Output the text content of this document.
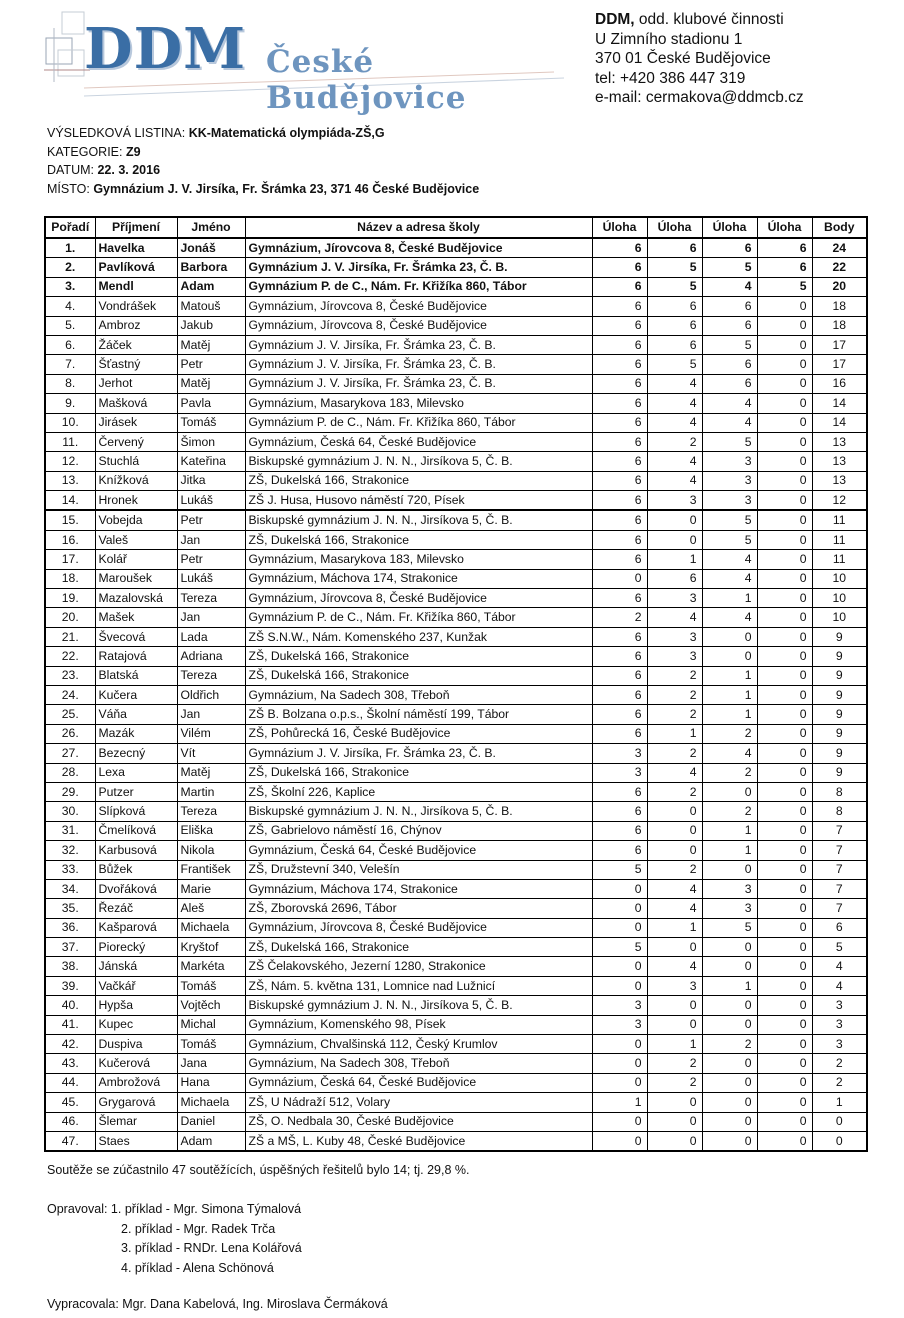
DDM České Budějovice
DDM, odd. klubové činnosti
U Zimního stadionu 1
370 01 České Budějovice
tel: +420 386 447 319
e-mail: cermakova@ddmcb.cz
VÝSLEDKOVÁ LISTINA: KK-Matematická olympiáda-ZŠ,G
KATEGORIE: Z9
DATUM: 22. 3. 2016
MÍSTO: Gymnázium J. V. Jirsíka, Fr. Šrámka 23, 371 46 České Budějovice
Pořadí	Příjmení	Jméno	Název a adresa školy	Úloha	Úloha	Úloha	Úloha	Body
1.	Havelka	Jonáš	Gymnázium, Jírovcova 8, České Budějovice	6	6	6	6	24
2.	Pavlíková	Barbora	Gymnázium J. V. Jirsíka, Fr. Šrámka 23, Č. B.	6	5	5	6	22
3.	Mendl	Adam	Gymnázium P. de C., Nám. Fr. Křižíka 860, Tábor	6	5	4	5	20
4.	Vondrášek	Matouš	Gymnázium, Jírovcova 8, České Budějovice	6	6	6	0	18
5.	Ambroz	Jakub	Gymnázium, Jírovcova 8, České Budějovice	6	6	6	0	18
6.	Žáček	Matěj	Gymnázium J. V. Jirsíka, Fr. Šrámka 23, Č. B.	6	6	5	0	17
7.	Šťastný	Petr	Gymnázium J. V. Jirsíka, Fr. Šrámka 23, Č. B.	6	5	6	0	17
8.	Jerhot	Matěj	Gymnázium J. V. Jirsíka, Fr. Šrámka 23, Č. B.	6	4	6	0	16
9.	Mašková	Pavla	Gymnázium, Masarykova 183, Milevsko	6	4	4	0	14
10.	Jirásek	Tomáš	Gymnázium P. de C., Nám. Fr. Křižíka 860, Tábor	6	4	4	0	14
11.	Červený	Šimon	Gymnázium, Česká 64, České Budějovice	6	2	5	0	13
12.	Stuchlá	Kateřina	Biskupské gymnázium J. N. N., Jirsíkova 5, Č. B.	6	4	3	0	13
13.	Knížková	Jitka	ZŠ, Dukelská 166, Strakonice	6	4	3	0	13
14.	Hronek	Lukáš	ZŠ J. Husa, Husovo náměstí 720, Písek	6	3	3	0	12
15.	Vobejda	Petr	Biskupské gymnázium J. N. N., Jirsíkova 5, Č. B.	6	0	5	0	11
16.	Valeš	Jan	ZŠ, Dukelská 166, Strakonice	6	0	5	0	11
17.	Kolář	Petr	Gymnázium, Masarykova 183, Milevsko	6	1	4	0	11
18.	Maroušek	Lukáš	Gymnázium, Máchova 174, Strakonice	0	6	4	0	10
19.	Mazalovská	Tereza	Gymnázium, Jírovcova 8, České Budějovice	6	3	1	0	10
20.	Mašek	Jan	Gymnázium P. de C., Nám. Fr. Křižíka 860, Tábor	2	4	4	0	10
21.	Švecová	Lada	ZŠ S.N.W., Nám. Komenského 237, Kunžak	6	3	0	0	9
22.	Ratajová	Adriana	ZŠ, Dukelská 166, Strakonice	6	3	0	0	9
23.	Blatská	Tereza	ZŠ, Dukelská 166, Strakonice	6	2	1	0	9
24.	Kučera	Oldřich	Gymnázium, Na Sadech 308, Třeboň	6	2	1	0	9
25.	Váňa	Jan	ZŠ B. Bolzana o.p.s., Školní náměstí 199, Tábor	6	2	1	0	9
26.	Mazák	Vilém	ZŠ, Pohůrecká 16, České Budějovice	6	1	2	0	9
27.	Bezecný	Vít	Gymnázium J. V. Jirsíka, Fr. Šrámka 23, Č. B.	3	2	4	0	9
28.	Lexa	Matěj	ZŠ, Dukelská 166, Strakonice	3	4	2	0	9
29.	Putzer	Martin	ZŠ, Školní 226, Kaplice	6	2	0	0	8
30.	Slípková	Tereza	Biskupské gymnázium J. N. N., Jirsíkova 5, Č. B.	6	0	2	0	8
31.	Čmelíková	Eliška	ZŠ, Gabrielovo náměstí 16, Chýnov	6	0	1	0	7
32.	Karbusová	Nikola	Gymnázium, Česká 64, České Budějovice	6	0	1	0	7
33.	Bůžek	František	ZŠ, Družstevní 340, Velešín	5	2	0	0	7
34.	Dvořáková	Marie	Gymnázium, Máchova 174, Strakonice	0	4	3	0	7
35.	Řezáč	Aleš	ZŠ, Zborovská 2696, Tábor	0	4	3	0	7
36.	Kašparová	Michaela	Gymnázium, Jírovcova 8, České Budějovice	0	1	5	0	6
37.	Piorecký	Kryštof	ZŠ, Dukelská 166, Strakonice	5	0	0	0	5
38.	Jánská	Markéta	ZŠ Čelakovského, Jezerní 1280, Strakonice	0	4	0	0	4
39.	Vačkář	Tomáš	ZŠ, Nám. 5. května 131, Lomnice nad Lužnicí	0	3	1	0	4
40.	Hypša	Vojtěch	Biskupské gymnázium J. N. N., Jirsíkova 5, Č. B.	3	0	0	0	3
41.	Kupec	Michal	Gymnázium, Komenského 98, Písek	3	0	0	0	3
42.	Duspiva	Tomáš	Gymnázium, Chvalšinská 112, Český Krumlov	0	1	2	0	3
43.	Kučerová	Jana	Gymnázium, Na Sadech 308, Třeboň	0	2	0	0	2
44.	Ambrožová	Hana	Gymnázium, Česká 64, České Budějovice	0	2	0	0	2
45.	Grygarová	Michaela	ZŠ, U Nádraží 512, Volary	1	0	0	0	1
46.	Šlemar	Daniel	ZŠ, O. Nedbala 30, České Budějovice	0	0	0	0	0
47.	Staes	Adam	ZŠ a MŠ, L. Kuby 48, České Budějovice	0	0	0	0	0
Soutěže se zúčastnilo 47 soutěžících, úspěšných řešitelů bylo 14; tj. 29,8 %.
Opravoval: 1. příklad - Mgr. Simona Týmalová
2. příklad - Mgr. Radek Trča
3. příklad - RNDr. Lena Kolářová
4. příklad - Alena Schönová
Vypracovala: Mgr. Dana Kabelová, Ing. Miroslava Čermáková
